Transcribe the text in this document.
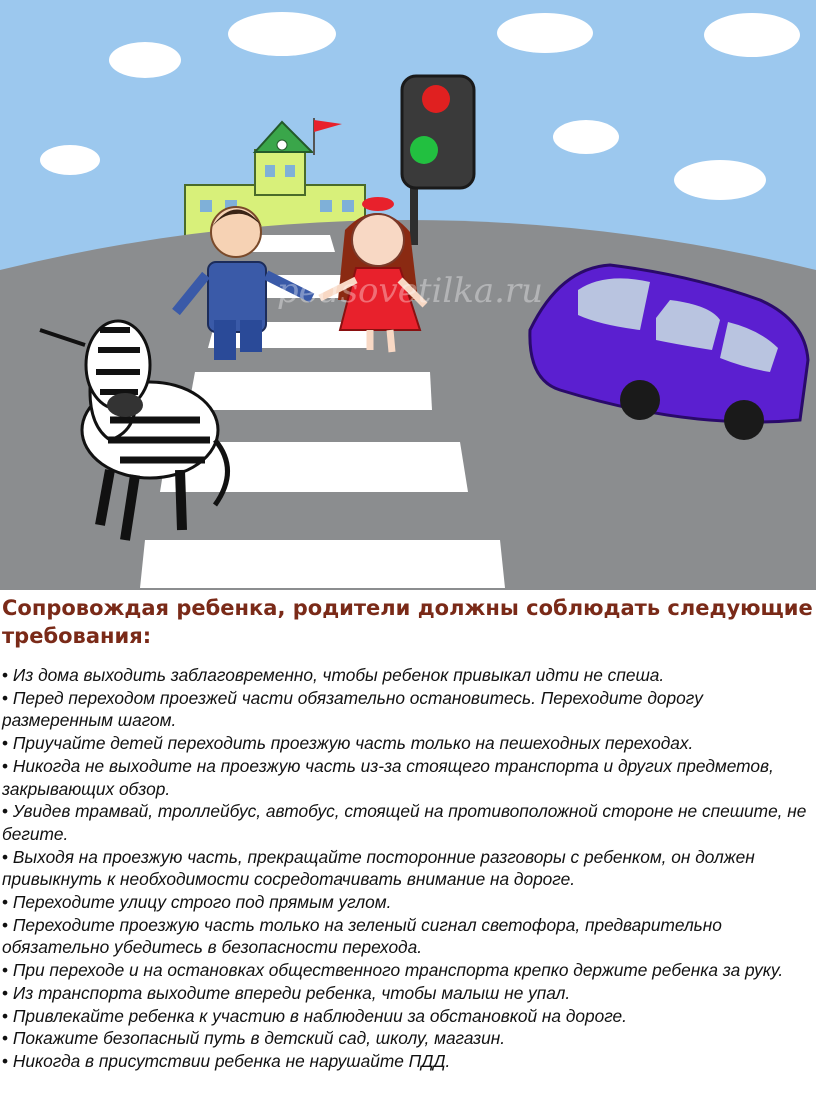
pedsovetilka.ru
Сопровождая ребенка, родители должны соблюдать следующие требования:
• Из дома выходить заблаговременно, чтобы ребенок привыкал идти не спеша.
• Перед переходом проезжей части обязательно остановитесь. Переходите дорогу размеренным шагом.
• Приучайте детей переходить проезжую часть только на пешеходных переходах.
• Никогда не выходите на проезжую часть из-за стоящего транспорта и других предметов, закрывающих обзор.
• Увидев трамвай, троллейбус, автобус, стоящей на противоположной стороне не спешите, не бегите.
• Выходя на проезжую часть, прекращайте посторонние разговоры с ребенком, он должен привыкнуть к необходимости сосредотачивать внимание на дороге.
• Переходите улицу строго под прямым углом.
• Переходите проезжую часть только на зеленый сигнал светофора, предварительно обязательно убедитесь в безопасности перехода.
• При переходе и на остановках общественного транспорта крепко держите ребенка за руку.
• Из транспорта выходите впереди ребенка, чтобы малыш не упал.
• Привлекайте ребенка к участию в наблюдении за обстановкой на дороге.
• Покажите безопасный путь в детский сад, школу, магазин.
• Никогда в присутствии ребенка не нарушайте ПДД.
